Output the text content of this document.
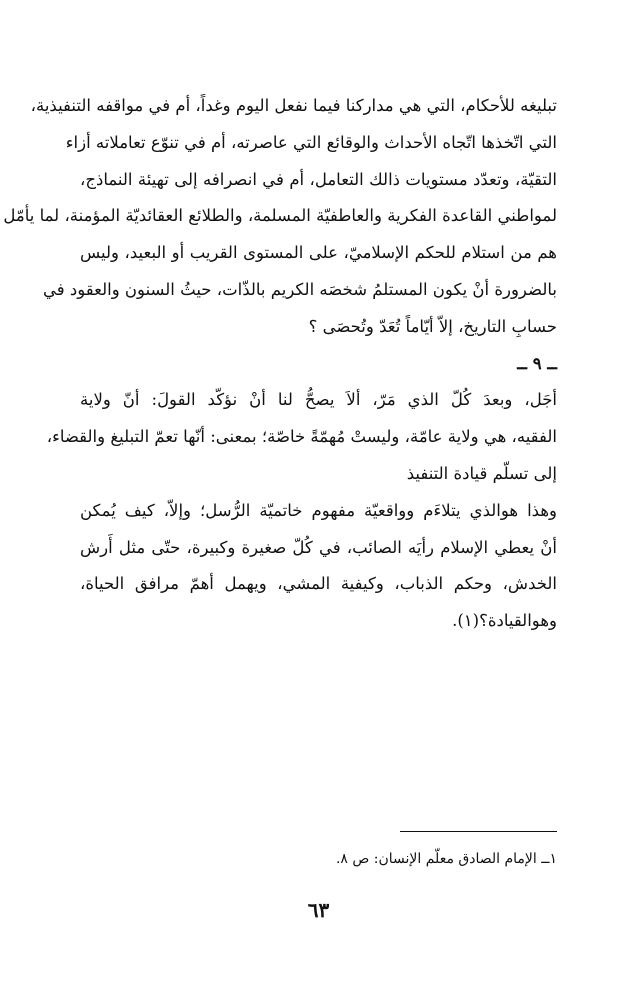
تبليغه للأحكام، التي هي مداركنا فيما نفعل اليوم وغداً، أم في مواقفه التنفيذية،
التي اتّخذها اتّجاه الأحداث والوقائع التي عاصرته، أم في تنوّع تعاملاته أزاء
التقيّة، وتعدّد مستويات ذالك التعامل، أم في انصرافه إلى تهيئة النماذج،
لمواطني القاعدة الفكرية والعاطفيّة المسلمة، والطلائع العقائديّة المؤمنة، لما يأمّل
هم من استلام للحكم الإسلاميّ، على المستوى القريب أو البعيد، وليس
بالضرورة أنْ يكون المستلمُ شخصَه الكريم بالذّات، حيثُ السنون والعقود في
حسابِ التاريخ، إلاّ أيّاماً تُعَدّ وتُحصَى ؟
ــ ٩ ــ
أجَل، وبعدَ كُلّ الذي مَرّ، ألاَ يصحُّ لنا أنْ نؤكّد القولَ: أنّ ولاية
الفقيه، هي ولاية عامّة، وليستْ مُهمّةً خاصّة؛ بمعنى: أنّها تعمّ التبليغ والقضاء،
إلى تسلّم قيادة التنفيذ
وهذا هوالذي يتلاءَم وواقعيّة مفهوم خاتميّة الرُّسل؛ وإلاّ، كيف يُمكن
أنْ يعطي الإسلام رأيَه الصائب، في كُلّ صغيرة وكبيرة، حتّى مثل أَرش
الخدش، وحكم الذباب، وكيفية المشي، ويهمل أهمّ مرافق الحياة،
وهوالقيادة؟(١).
١ــ الإمام الصادق معلّم الإنسان: ص ٨.
٦٣
